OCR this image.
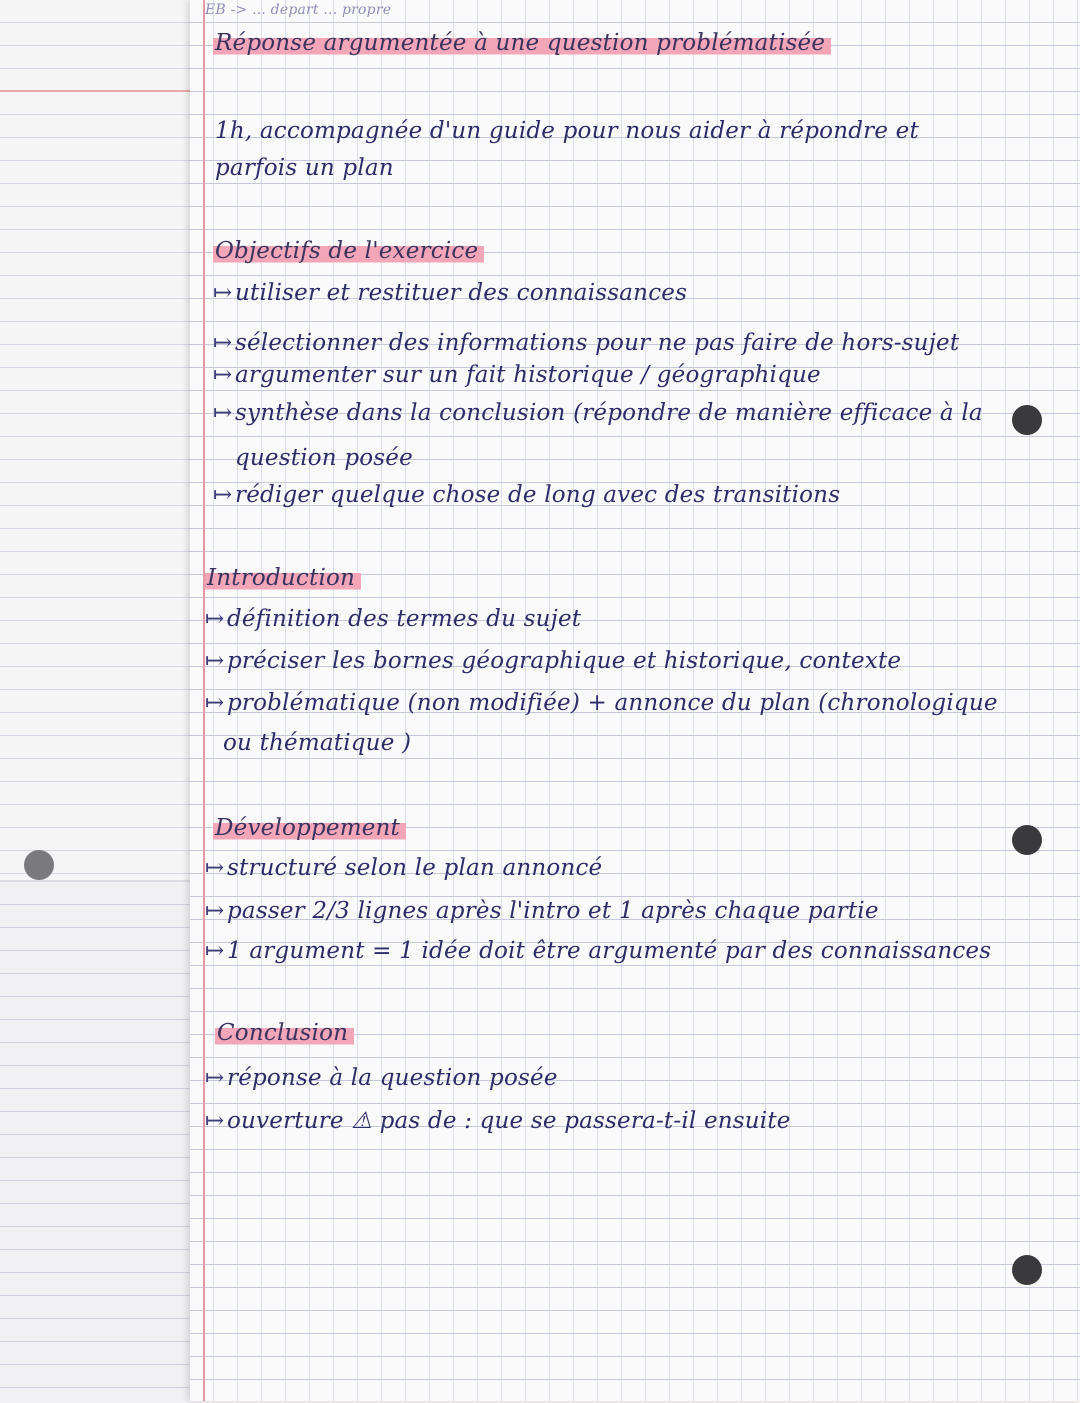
EB -> ... depart ... propre
Réponse argumentée à une question problématisée
1h, accompagnée d'un guide pour nous aider à répondre et
parfois un plan
Objectifs de l'exercice
↦ utiliser et restituer des connaissances
↦ sélectionner des informations pour ne pas faire de hors-sujet
↦ argumenter sur un fait historique / géographique
↦ synthèse dans la conclusion (répondre de manière efficace à la
question posée
↦ rédiger quelque chose de long avec des transitions
Introduction
↦ définition des termes du sujet
↦ préciser les bornes géographique et historique, contexte
↦ problématique (non modifiée) + annonce du plan (chronologique
ou thématique )
Développement
↦ structuré selon le plan annoncé
↦ passer 2/3 lignes après l'intro et 1 après chaque partie
↦ 1 argument = 1 idée doit être argumenté par des connaissances
Conclusion
↦ réponse à la question posée
↦ ouverture ⚠ pas de : que se passera-t-il ensuite
